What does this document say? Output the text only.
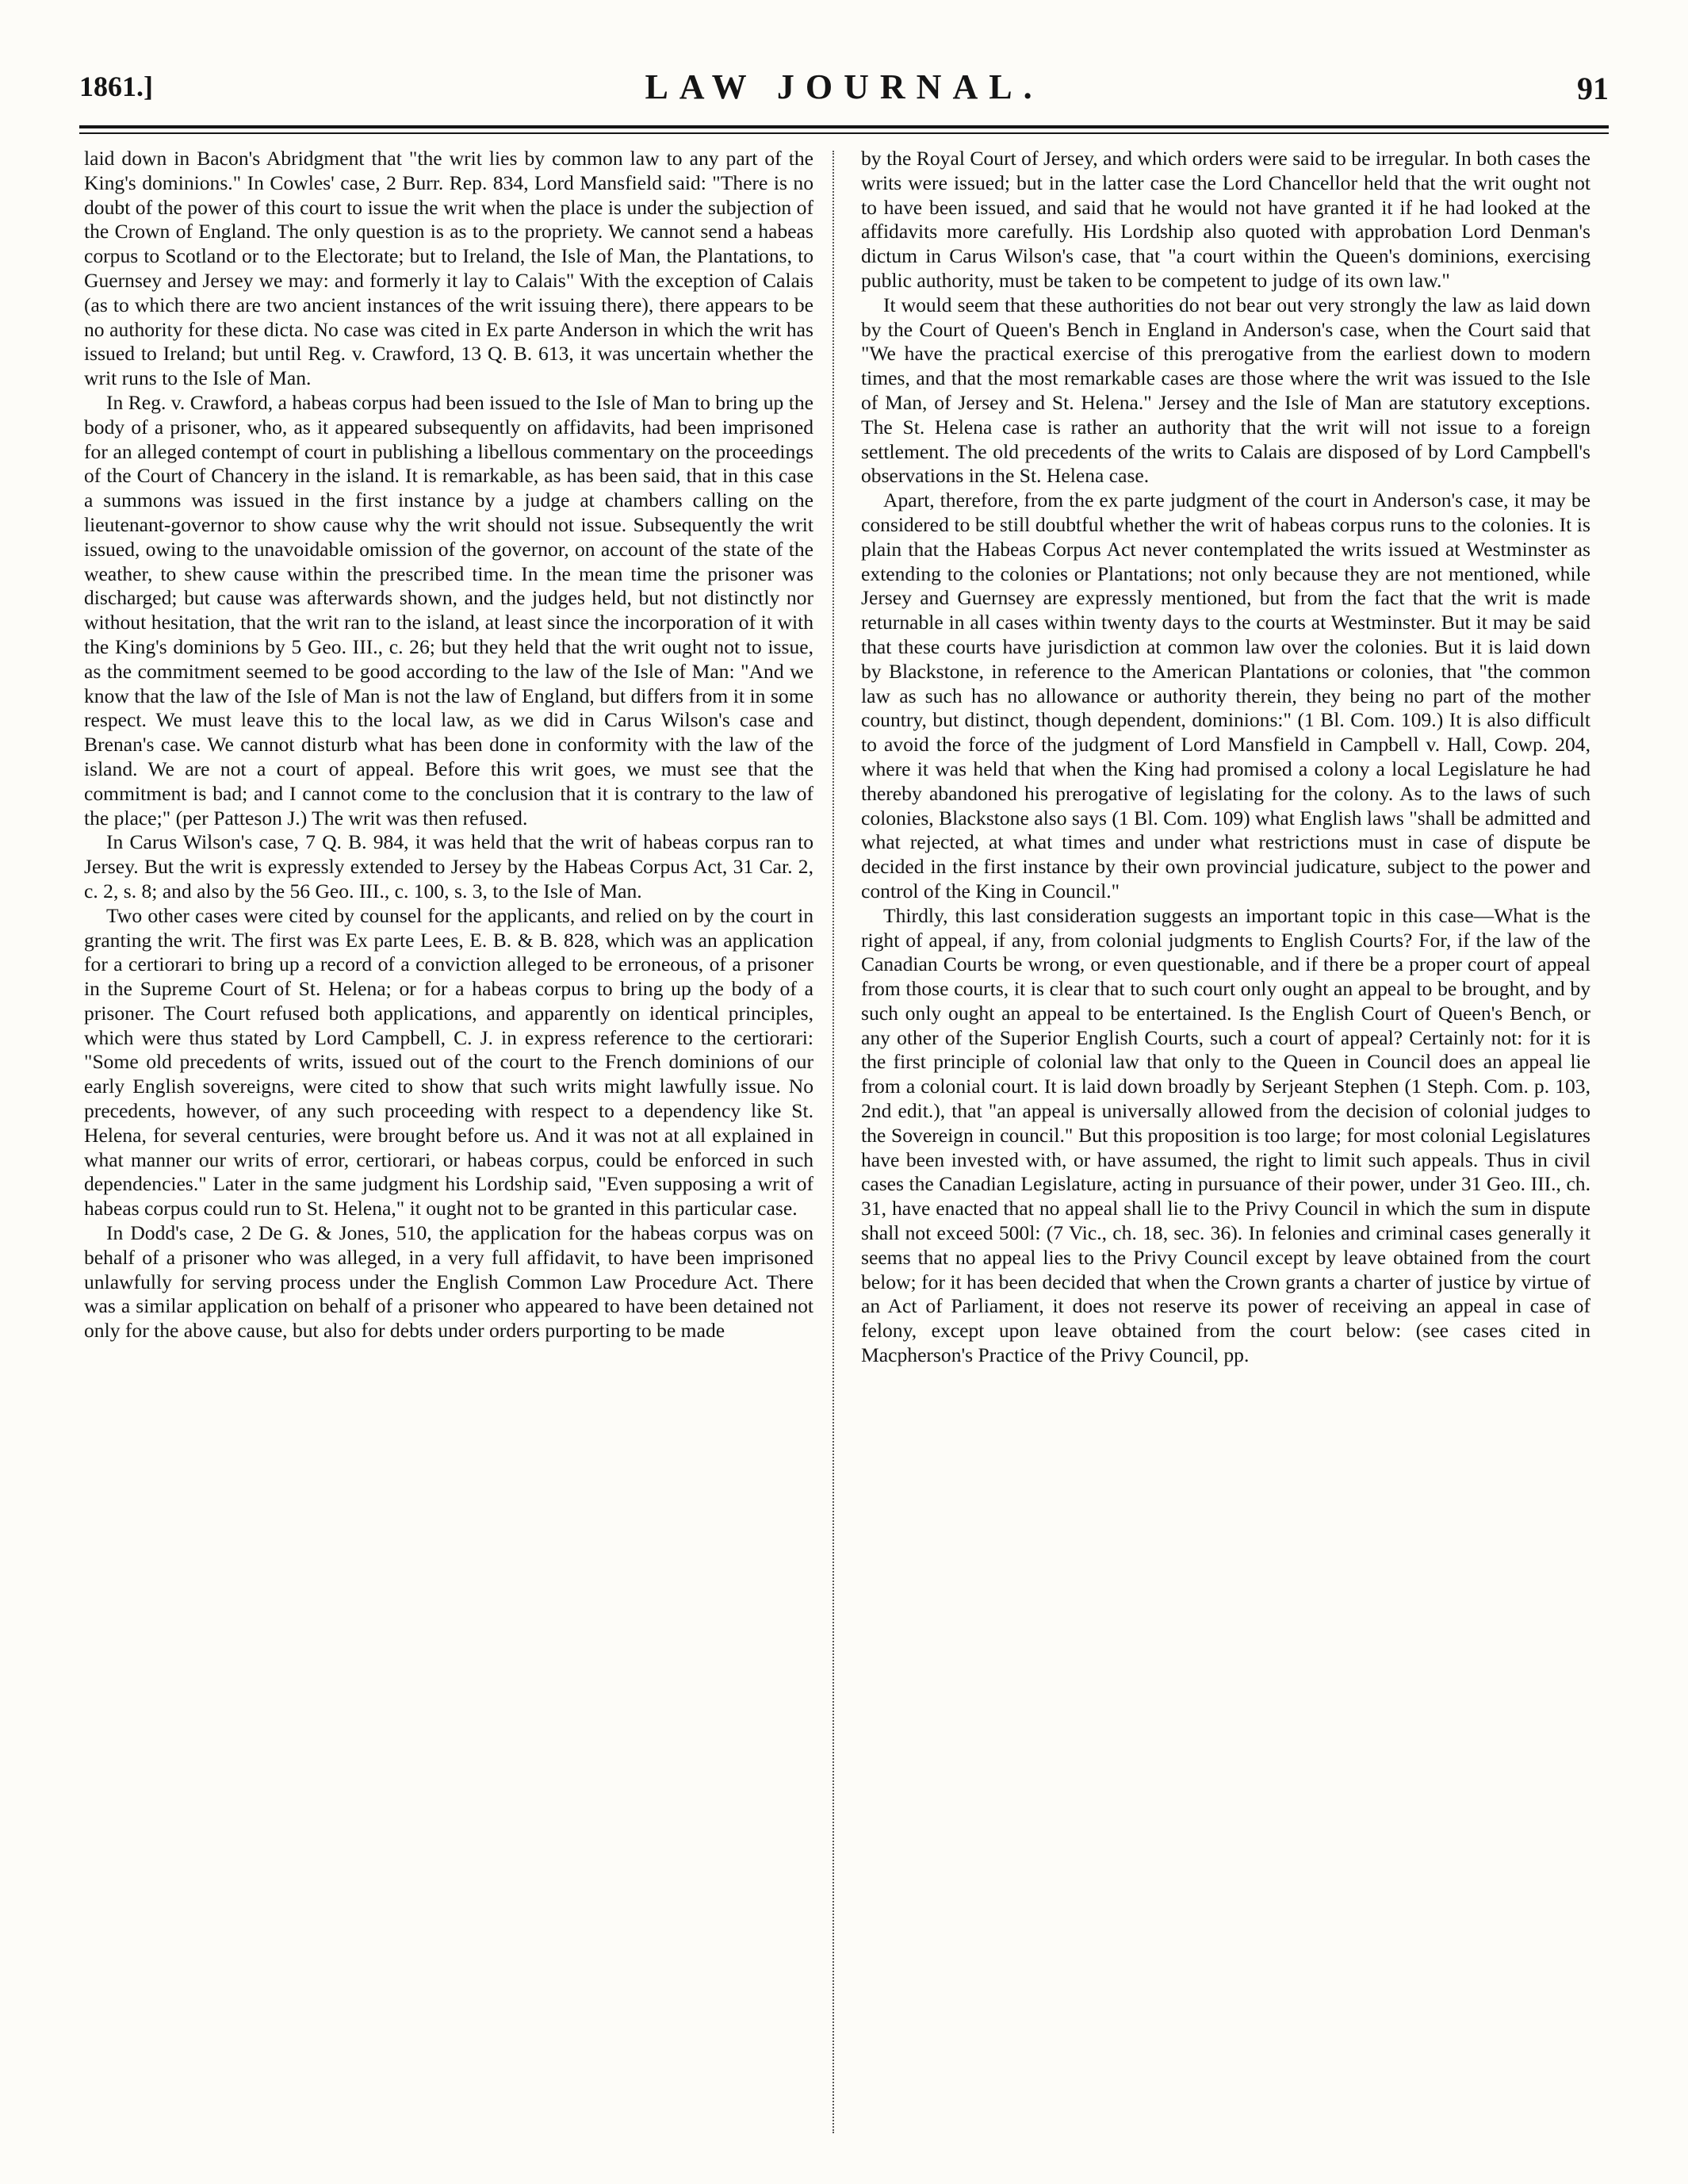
1861.]	LAW JOURNAL.	91

laid down in Bacon's Abridgment that "the writ lies by common law to any part of the King's dominions." In Cowles' case, 2 Burr. Rep. 834, Lord Mansfield said: "There is no doubt of the power of this court to issue the writ when the place is under the subjection of the Crown of England. The only question is as to the propriety. We cannot send a habeas corpus to Scotland or to the Electorate; but to Ireland, the Isle of Man, the Plantations, to Guernsey and Jersey we may: and formerly it lay to Calais" With the exception of Calais (as to which there are two ancient instances of the writ issuing there), there appears to be no authority for these dicta. No case was cited in Ex parte Anderson in which the writ has issued to Ireland; but until Reg. v. Crawford, 13 Q. B. 613, it was uncertain whether the writ runs to the Isle of Man.

In Reg. v. Crawford, a habeas corpus had been issued to the Isle of Man to bring up the body of a prisoner, who, as it appeared subsequently on affidavits, had been imprisoned for an alleged contempt of court in publishing a libellous commentary on the proceedings of the Court of Chancery in the island. It is remarkable, as has been said, that in this case a summons was issued in the first instance by a judge at chambers calling on the lieutenant-governor to show cause why the writ should not issue. Subsequently the writ issued, owing to the unavoidable omission of the governor, on account of the state of the weather, to shew cause within the prescribed time. In the mean time the prisoner was discharged; but cause was afterwards shown, and the judges held, but not distinctly nor without hesitation, that the writ ran to the island, at least since the incorporation of it with the King's dominions by 5 Geo. III., c. 26; but they held that the writ ought not to issue, as the commitment seemed to be good according to the law of the Isle of Man: "And we know that the law of the Isle of Man is not the law of England, but differs from it in some respect. We must leave this to the local law, as we did in Carus Wilson's case and Brenan's case. We cannot disturb what has been done in conformity with the law of the island. We are not a court of appeal. Before this writ goes, we must see that the commitment is bad; and I cannot come to the conclusion that it is contrary to the law of the place;" (per Patteson J.) The writ was then refused.

In Carus Wilson's case, 7 Q. B. 984, it was held that the writ of habeas corpus ran to Jersey. But the writ is expressly extended to Jersey by the Habeas Corpus Act, 31 Car. 2, c. 2, s. 8; and also by the 56 Geo. III., c. 100, s. 3, to the Isle of Man.

Two other cases were cited by counsel for the applicants, and relied on by the court in granting the writ. The first was Ex parte Lees, E. B. & B. 828, which was an application for a certiorari to bring up a record of a conviction alleged to be erroneous, of a prisoner in the Supreme Court of St. Helena; or for a habeas corpus to bring up the body of a prisoner. The Court refused both applications, and apparently on identical principles, which were thus stated by Lord Campbell, C. J. in express reference to the certiorari: "Some old precedents of writs, issued out of the court to the French dominions of our early English sovereigns, were cited to show that such writs might lawfully issue. No precedents, however, of any such proceeding with respect to a dependency like St. Helena, for several centuries, were brought before us. And it was not at all explained in what manner our writs of error, certiorari, or habeas corpus, could be enforced in such dependencies." Later in the same judgment his Lordship said, "Even supposing a writ of habeas corpus could run to St. Helena," it ought not to be granted in this particular case.

In Dodd's case, 2 De G. & Jones, 510, the application for the habeas corpus was on behalf of a prisoner who was alleged, in a very full affidavit, to have been imprisoned unlawfully for serving process under the English Common Law Procedure Act. There was a similar application on behalf of a prisoner who appeared to have been detained not only for the above cause, but also for debts under orders purporting to be made

by the Royal Court of Jersey, and which orders were said to be irregular. In both cases the writs were issued; but in the latter case the Lord Chancellor held that the writ ought not to have been issued, and said that he would not have granted it if he had looked at the affidavits more carefully. His Lordship also quoted with approbation Lord Denman's dictum in Carus Wilson's case, that "a court within the Queen's dominions, exercising public authority, must be taken to be competent to judge of its own law."

It would seem that these authorities do not bear out very strongly the law as laid down by the Court of Queen's Bench in England in Anderson's case, when the Court said that "We have the practical exercise of this prerogative from the earliest down to modern times, and that the most remarkable cases are those where the writ was issued to the Isle of Man, of Jersey and St. Helena." Jersey and the Isle of Man are statutory exceptions. The St. Helena case is rather an authority that the writ will not issue to a foreign settlement. The old precedents of the writs to Calais are disposed of by Lord Campbell's observations in the St. Helena case.

Apart, therefore, from the ex parte judgment of the court in Anderson's case, it may be considered to be still doubtful whether the writ of habeas corpus runs to the colonies. It is plain that the Habeas Corpus Act never contemplated the writs issued at Westminster as extending to the colonies or Plantations; not only because they are not mentioned, while Jersey and Guernsey are expressly mentioned, but from the fact that the writ is made returnable in all cases within twenty days to the courts at Westminster. But it may be said that these courts have jurisdiction at common law over the colonies. But it is laid down by Blackstone, in reference to the American Plantations or colonies, that "the common law as such has no allowance or authority therein, they being no part of the mother country, but distinct, though dependent, dominions:" (1 Bl. Com. 109.) It is also difficult to avoid the force of the judgment of Lord Mansfield in Campbell v. Hall, Cowp. 204, where it was held that when the King had promised a colony a local Legislature he had thereby abandoned his prerogative of legislating for the colony. As to the laws of such colonies, Blackstone also says (1 Bl. Com. 109) what English laws "shall be admitted and what rejected, at what times and under what restrictions must in case of dispute be decided in the first instance by their own provincial judicature, subject to the power and control of the King in Council."

Thirdly, this last consideration suggests an important topic in this case—What is the right of appeal, if any, from colonial judgments to English Courts? For, if the law of the Canadian Courts be wrong, or even questionable, and if there be a proper court of appeal from those courts, it is clear that to such court only ought an appeal to be brought, and by such only ought an appeal to be entertained. Is the English Court of Queen's Bench, or any other of the Superior English Courts, such a court of appeal? Certainly not: for it is the first principle of colonial law that only to the Queen in Council does an appeal lie from a colonial court. It is laid down broadly by Serjeant Stephen (1 Steph. Com. p. 103, 2nd edit.), that "an appeal is universally allowed from the decision of colonial judges to the Sovereign in council." But this proposition is too large; for most colonial Legislatures have been invested with, or have assumed, the right to limit such appeals. Thus in civil cases the Canadian Legislature, acting in pursuance of their power, under 31 Geo. III., ch. 31, have enacted that no appeal shall lie to the Privy Council in which the sum in dispute shall not exceed 500l: (7 Vic., ch. 18, sec. 36). In felonies and criminal cases generally it seems that no appeal lies to the Privy Council except by leave obtained from the court below; for it has been decided that when the Crown grants a charter of justice by virtue of an Act of Parliament, it does not reserve its power of receiving an appeal in case of felony, except upon leave obtained from the court below: (see cases cited in Macpherson's Practice of the Privy Council, pp.
